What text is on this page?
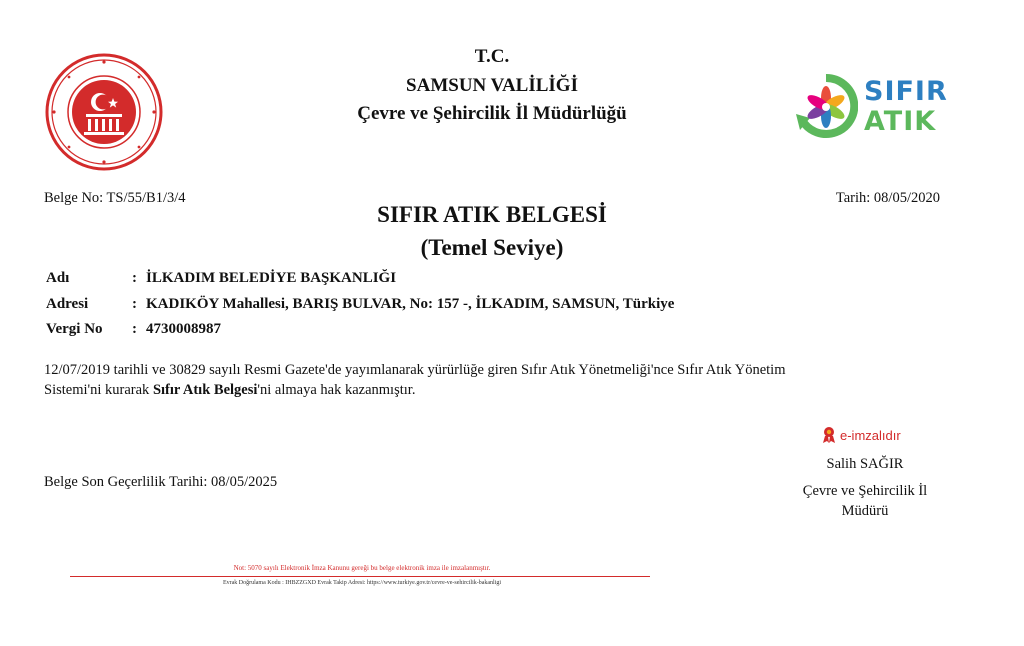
SIFIR
ATIK
T.C.
SAMSUN VALİLİĞİ
Çevre ve Şehircilik İl Müdürlüğü
Belge No: TS/55/B1/3/4	Tarih: 08/05/2020
SIFIR ATIK BELGESİ
(Temel Seviye)
Adı	: İLKADIM BELEDİYE BAŞKANLIĞI
Adresi	: KADIKÖY Mahallesi, BARIŞ BULVAR, No: 157 -, İLKADIM, SAMSUN, Türkiye
Vergi No : 4730008987
12/07/2019 tarihli ve 30829 sayılı Resmi Gazete'de yayımlanarak yürürlüğe giren Sıfır Atık Yönetmeliği'nce Sıfır Atık Yönetim
Sistemi'ni kurarak Sıfır Atık Belgesi'ni almaya hak kazanmıştır.
Belge Son Geçerlilik Tarihi: 08/05/2025
e-imzalıdır
Salih SAĞIR
Çevre ve Şehircilik İl
Müdürü
Not: 5070 sayılı Elektronik İmza Kanunu gereği bu belge elektronik imza ile imzalanmıştır.
Evrak Doğrulama Kodu : IHBZZGXD Evrak Takip Adresi: https://www.turkiye.gov.tr/cevre-ve-sehircilik-bakanligi
